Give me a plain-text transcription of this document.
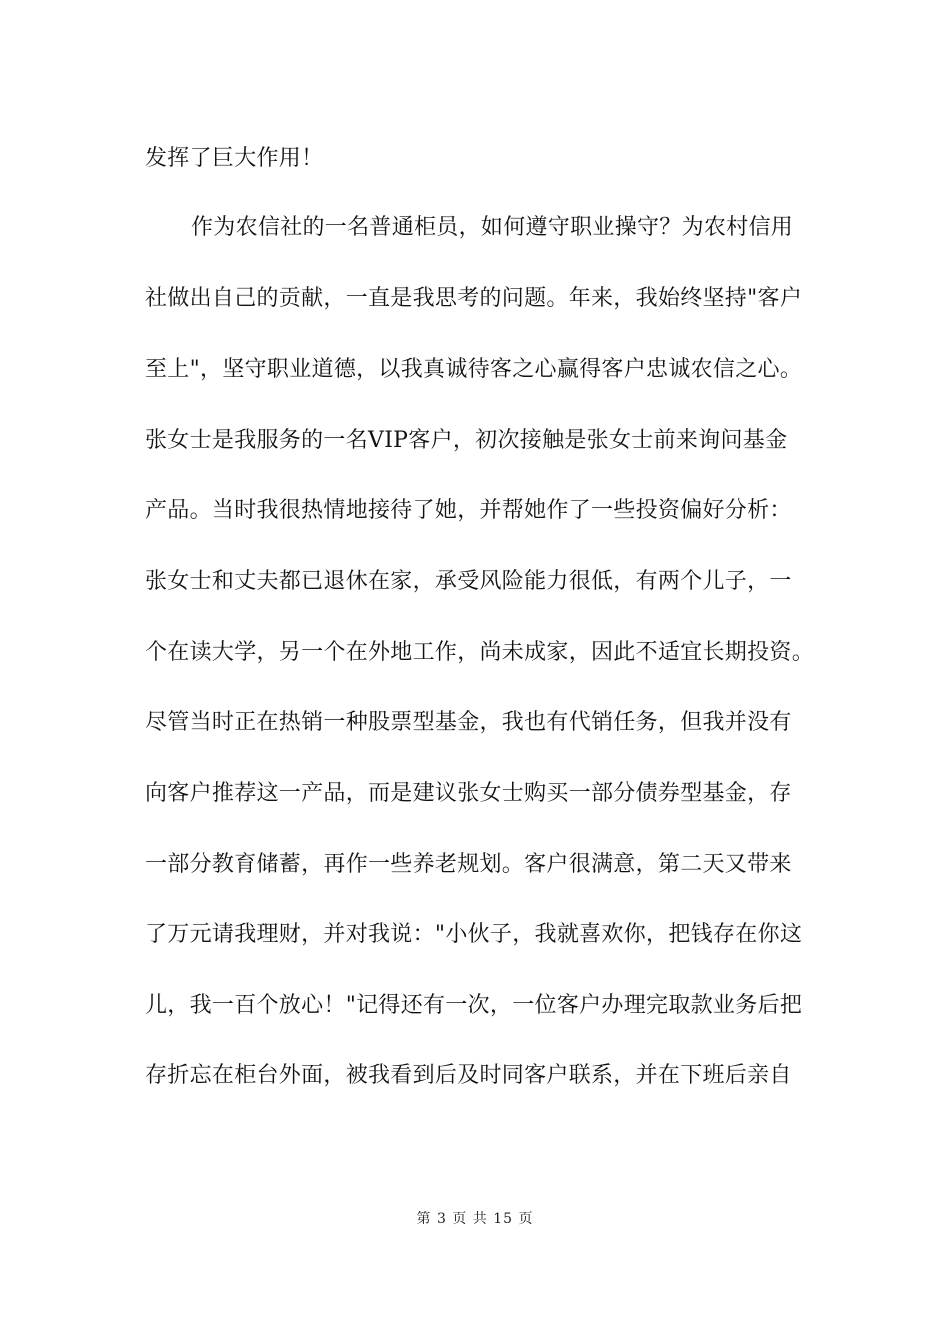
发挥了巨大作用！
作为农信社的一名普通柜员，如何遵守职业操守？为农村信用
社做出自己的贡献，一直是我思考的问题。年来，我始终坚持"客户
至上"，坚守职业道德，以我真诚待客之心赢得客户忠诚农信之心。
张女士是我服务的一名VIP客户，初次接触是张女士前来询问基金
产品。当时我很热情地接待了她，并帮她作了一些投资偏好分析：
张女士和丈夫都已退休在家，承受风险能力很低，有两个儿子，一
个在读大学，另一个在外地工作，尚未成家，因此不适宜长期投资。
尽管当时正在热销一种股票型基金，我也有代销任务，但我并没有
向客户推荐这一产品，而是建议张女士购买一部分债券型基金，存
一部分教育储蓄，再作一些养老规划。客户很满意，第二天又带来
了万元请我理财，并对我说："小伙子，我就喜欢你，把钱存在你这
儿，我一百个放心！"记得还有一次，一位客户办理完取款业务后把
存折忘在柜台外面，被我看到后及时同客户联系，并在下班后亲自
第 3 页 共 15 页
